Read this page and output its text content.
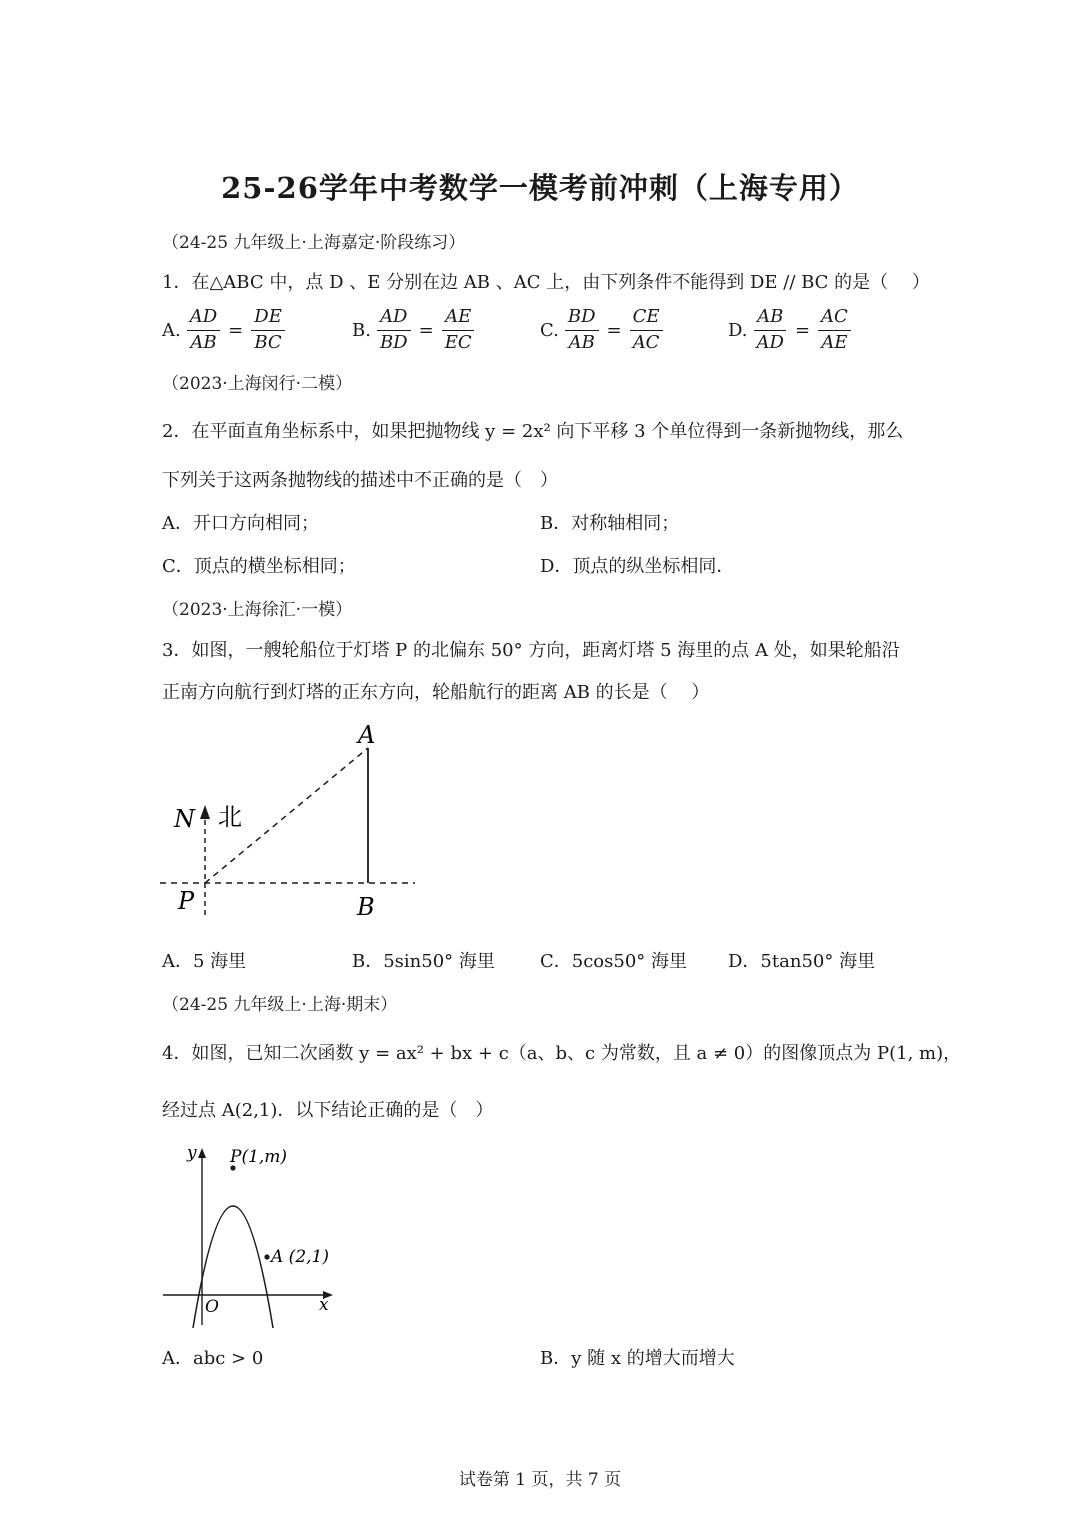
25-26学年中考数学一模考前冲刺（上海专用）
（24-25 九年级上·上海嘉定·阶段练习）
1．在△ABC 中，点 D 、E 分别在边 AB 、AC 上，由下列条件不能得到 DE // BC 的是（　 ）
A. $\frac{AD}{AB} = \frac{DE}{BC}$	B. $\frac{AD}{BD} = \frac{AE}{EC}$	C. $\frac{BD}{AB} = \frac{CE}{AC}$	D. $\frac{AB}{AD} = \frac{AC}{AE}$
（2023·上海闵行·二模）
2．在平面直角坐标系中，如果把抛物线 y = 2x² 向下平移 3 个单位得到一条新抛物线，那么
下列关于这两条抛物线的描述中不正确的是（　）
A．开口方向相同；	B．对称轴相同；
C．顶点的横坐标相同；	D．顶点的纵坐标相同．
（2023·上海徐汇·一模）
3．如图，一艘轮船位于灯塔 P 的北偏东 50° 方向，距离灯塔 5 海里的点 A 处，如果轮船沿
正南方向航行到灯塔的正东方向，轮船航行的距离 AB 的长是（　 ）
A
N 北
P	B
A．5 海里	B．5sin50° 海里	C．5cos50° 海里 D．5tan50° 海里
（24-25 九年级上·上海·期末）
4．如图，已知二次函数 y = ax² + bx + c（a、b、c 为常数，且 a ≠ 0）的图像顶点为 P(1, m)，
经过点 A(2,1)．以下结论正确的是（　）
y
x
O
P(1,m)
A (2,1)
A．abc > 0	B．y 随 x 的增大而增大
试卷第 1 页，共 7 页
